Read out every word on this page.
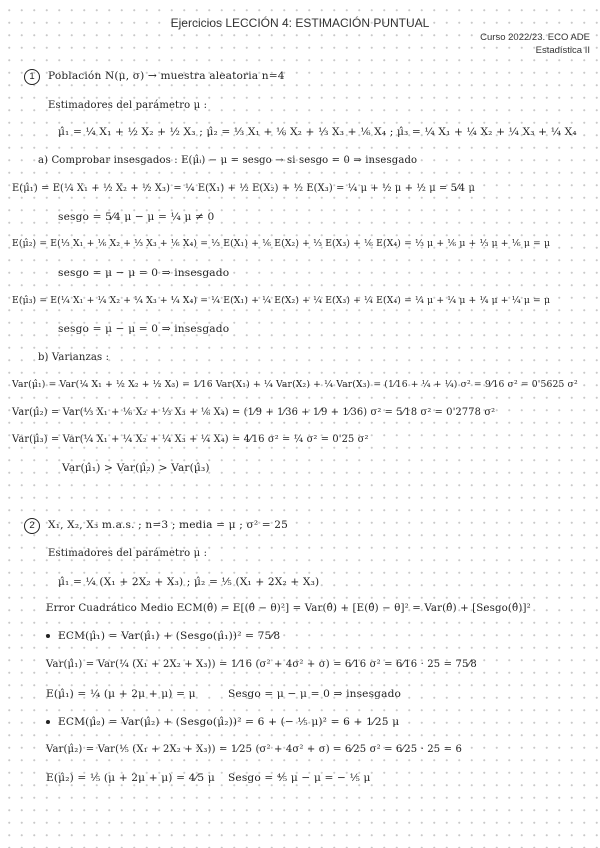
Ejercicios LECCIÓN 4: ESTIMACIÓN PUNTUAL
Curso 2022/23. ECO ADE
Estadística II
1	Población N(μ, σ) → muestra aleatoria n=4
Estimadores del parámetro μ :
μ̂₁ = ¼ X₁ + ½ X₂ + ½ X₃ ; μ̂₂ = ⅓ X₁ + ⅙ X₂ + ⅓ X₃ + ⅙ X₄ ; μ̂₃ = ¼ X₁ + ¼ X₂ + ¼ X₃ + ¼ X₄
a) Comprobar insesgados : E(μ̂ᵢ) − μ = sesgo → si sesgo = 0 ⇒ insesgado
E(μ̂₁) = E(¼ X₁ + ½ X₂ + ½ X₃) = ¼ E(X₁) + ½ E(X₂) + ½ E(X₃) = ¼ μ + ½ μ + ½ μ = 5⁄4 μ
sesgo = 5⁄4 μ − μ = ¼ μ ≠ 0
E(μ̂₂) = E(⅓ X₁ + ⅙ X₂ + ⅓ X₃ + ⅙ X₄) = ⅓ E(X₁) + ⅙ E(X₂) + ⅓ E(X₃) + ⅙ E(X₄) = ⅓ μ + ⅙ μ + ⅓ μ + ⅙ μ = μ
sesgo = μ − μ = 0 ⇒ insesgado
E(μ̂₃) = E(¼ X₁ + ¼ X₂ + ¼ X₃ + ¼ X₄) = ¼ E(X₁) + ¼ E(X₂) + ¼ E(X₃) + ¼ E(X₄) = ¼ μ + ¼ μ + ¼ μ + ¼ μ = μ
sesgo = μ − μ = 0 ⇒ insesgado
b) Varianzas :
Var(μ̂₁) = Var(¼ X₁ + ½ X₂ + ½ X₃) = 1⁄16 Var(X₁) + ¼ Var(X₂) + ¼ Var(X₃) = (1⁄16 + ¼ + ¼) σ² = 9⁄16 σ² = 0'5625 σ²
Var(μ̂₂) = Var(⅓ X₁ + ⅙ X₂ + ⅓ X₃ + ⅙ X₄) = (1⁄9 + 1⁄36 + 1⁄9 + 1⁄36) σ² = 5⁄18 σ² = 0'2778 σ²
Var(μ̂₃) = Var(¼ X₁ + ¼ X₂ + ¼ X₃ + ¼ X₄) = 4⁄16 σ² = ¼ σ² = 0'25 σ²
Var(μ̂₁) > Var(μ̂₂) > Var(μ̂₃)
2	X₁, X₂, X₃ m.a.s. ; n=3 ; media = μ ; σ² = 25
Estimadores del parámetro μ :
μ̂₁ = ¼ (X₁ + 2X₂ + X₃) ; μ̂₂ = ⅕ (X₁ + 2X₂ + X₃)
Error Cuadrático Medio ECM(θ̂) = E[(θ̂ − θ)²] = Var(θ̂) + [E(θ̂) − θ]² = Var(θ̂) + [Sesgo(θ̂)]²
ECM(μ̂₁) = Var(μ̂₁) + (Sesgo(μ̂₁))² = 75⁄8
Var(μ̂₁) = Var(¼ (X₁ + 2X₂ + X₃)) = 1⁄16 (σ² + 4σ² + σ) = 6⁄16 σ² = 6⁄16 · 25 = 75⁄8
E(μ̂₁) = ¼ (μ + 2μ + μ) = μ	Sesgo = μ − μ = 0 ⇒ insesgado
ECM(μ̂₂) = Var(μ̂₂) + (Sesgo(μ̂₂))² = 6 + (− ⅕ μ)² = 6 + 1⁄25 μ
Var(μ̂₂) = Var(⅕ (X₁ + 2X₂ + X₃)) = 1⁄25 (σ² + 4σ² + σ) = 6⁄25 σ² = 6⁄25 · 25 = 6
E(μ̂₂) = ⅕ (μ + 2μ + μ) = 4⁄5 μ Sesgo = ⅘ μ − μ = − ⅕ μ
